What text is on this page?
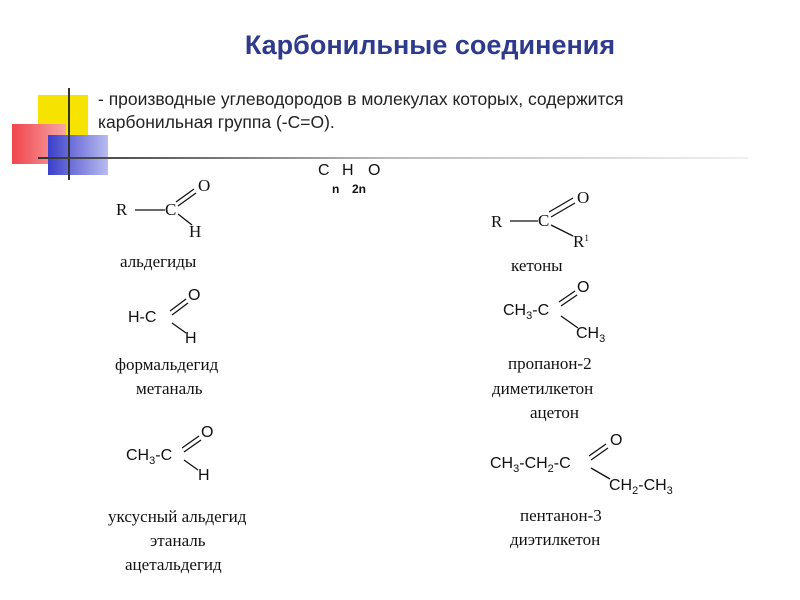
Карбонильные соединения
- производные углеводородов в молекулах которых, содержится карбонильная группа (-С=О).
С Н О
n 2n
R C
O
H
альдегиды
R C
O
$R^1$
кетоны
H-C
O
H
формальдегид
метаналь
$CH_3-C$
O
$CH_3$
пропанон-2
диметилкетон
ацетон
$CH_3-C$
O
H
уксусный альдегид
этаналь
ацетальдегид
$CH_3-CH_2-C$
O
$CH_2-CH_3$
пентанон-3
диэтилкетон
